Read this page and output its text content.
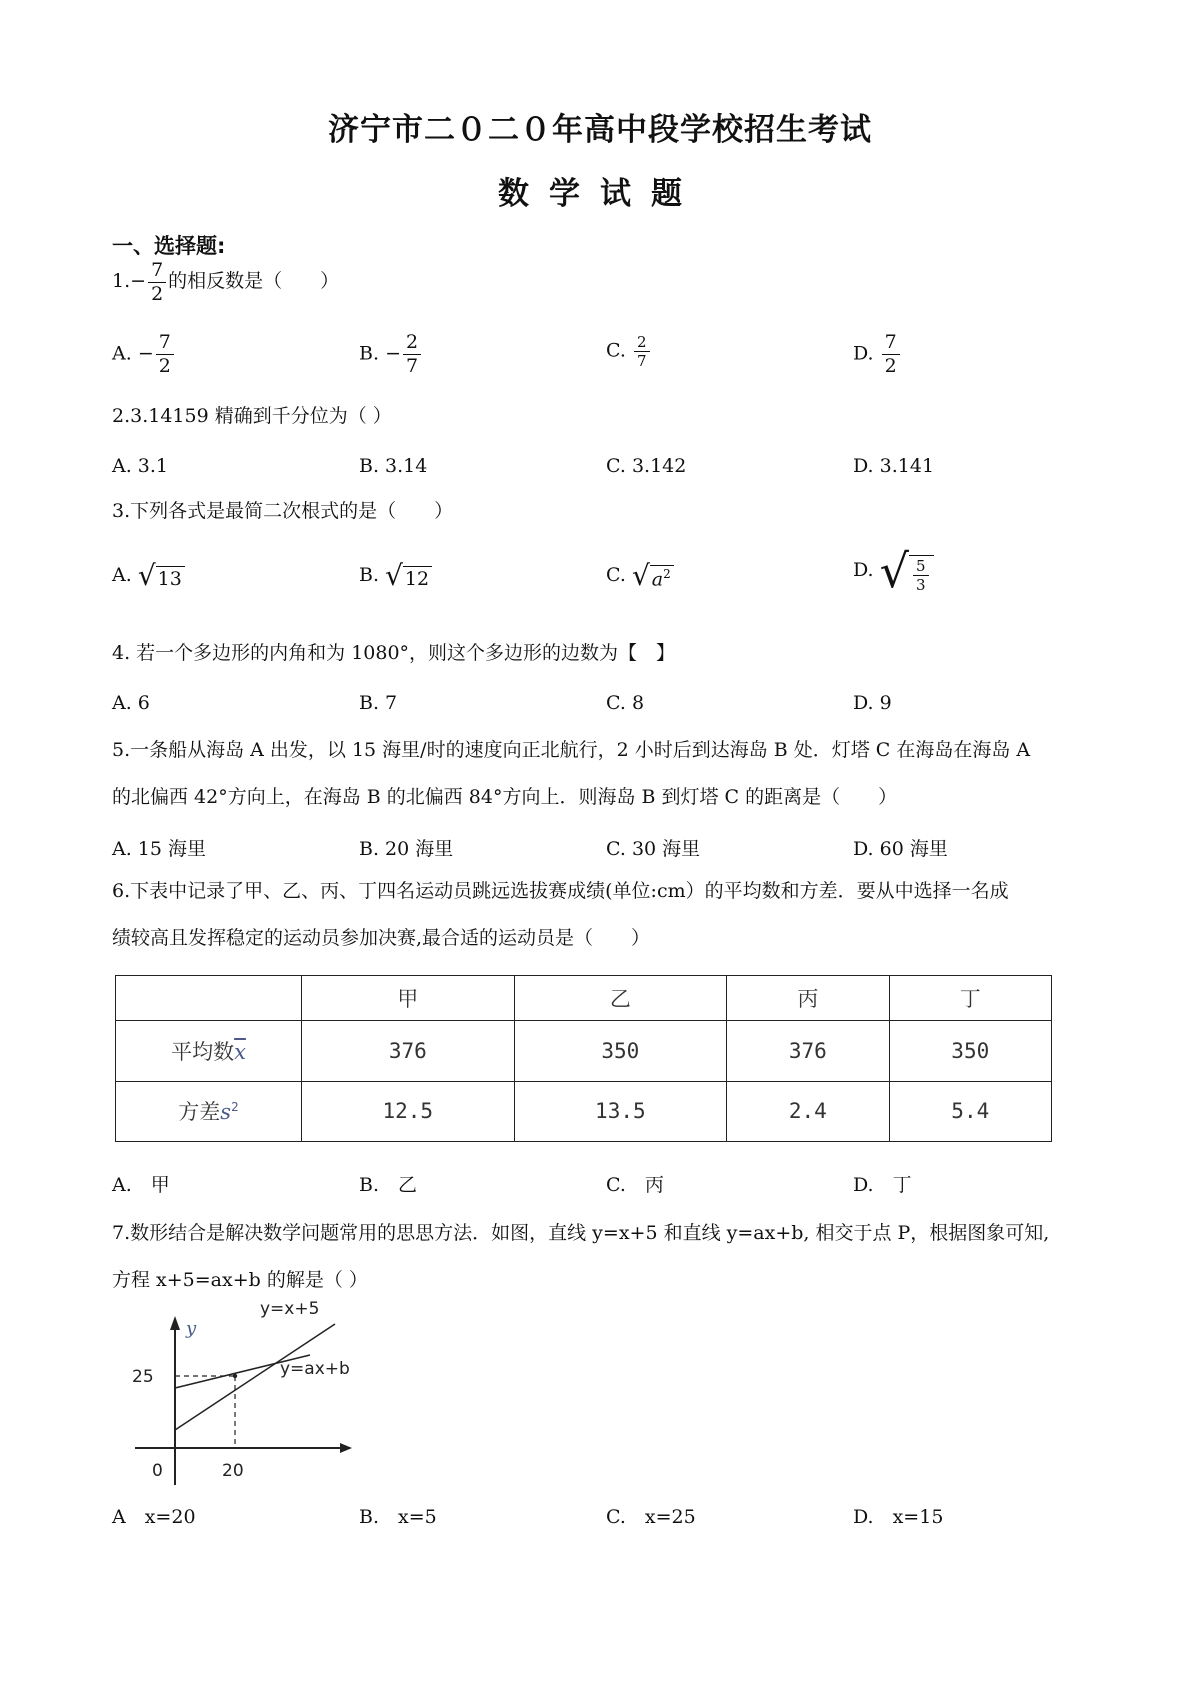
济宁市二０二０年高中段学校招生考试
数学试题
一、选择题:
$1.- \frac{7}{2}$ 的相反数是（　　）
A. − $\frac{7}{2}$	B. − $\frac{2}{7}$	C. $\frac{2}{7}$	D. $\frac{7}{2}$
2.3.14159 精确到千分位为（ ）
A. 3.1	B. 3.14	C. 3.142	D. 3.141
3.下列各式是最简二次根式的是（　　）
A. √ 13	B. √ 12	C. √ $a^2$	D. √ $\frac{5}{3}$
4. 若一个多边形的内角和为 1080°，则这个多边形的边数为【　】
A. 6	B. 7	C. 8	D. 9
5.一条船从海岛 A 出发，以 15 海里/时的速度向正北航行，2 小时后到达海岛 B 处．灯塔 C 在海岛在海岛 A
的北偏西 42°方向上，在海岛 B 的北偏西 84°方向上．则海岛 B 到灯塔 C 的距离是（　　）
A. 15 海里	B. 20 海里	C. 30 海里	D. 60 海里
6.下表中记录了甲、乙、丙、丁四名运动员跳远选拔赛成绩(单位:cm）的平均数和方差．要从中选择一名成
绩较高且发挥稳定的运动员参加决赛,最合适的运动员是（　　）
	甲	乙	丙	丁
平均数$\overline{x}$	376	350	376	350
方差$s^2$	12.5	13.5	2.4	5.4
A.　甲	B.　乙	C.　丙	D.　丁
7.数形结合是解决数学问题常用的思思方法．如图，直线 y=x+5 和直线 y=ax+b, 相交于点 P，根据图象可知,
方程 x+5=ax+b 的解是（ ）
y=x+5
y=ax+b
y
25
20
0
A　x=20	B.　x=5	C.　x=25	D.　x=15
